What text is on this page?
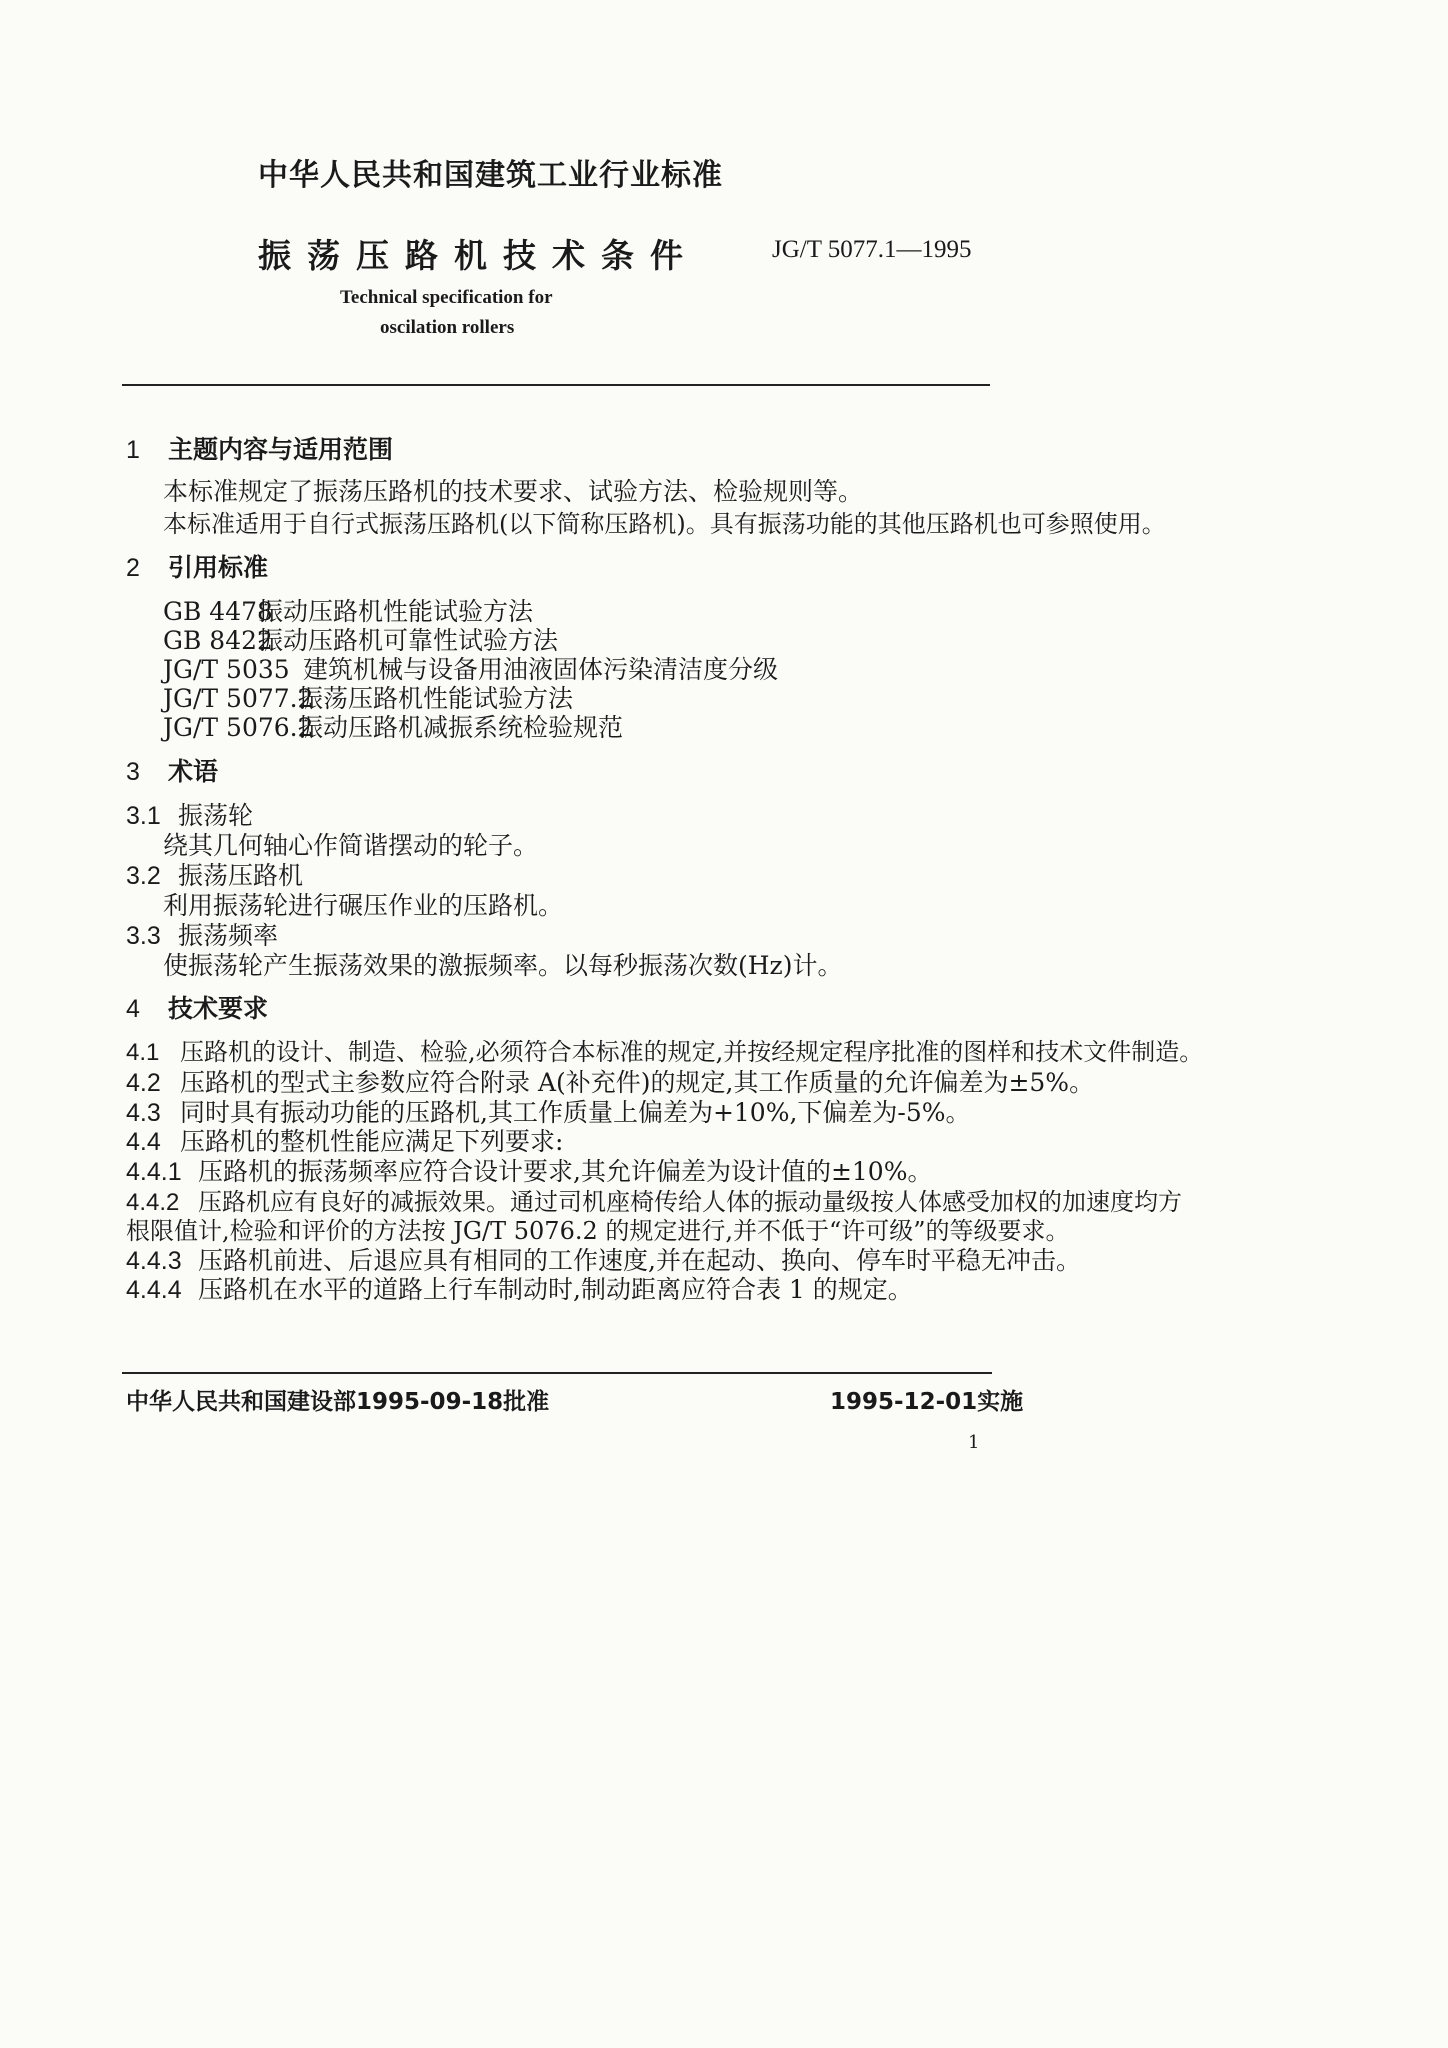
中华人民共和国建筑工业行业标准
振荡压路机技术条件	JG/T 5077.1—1995
Technical specification for
oscilation rollers
1 主题内容与适用范围
本标准规定了振荡压路机的技术要求、试验方法、检验规则等。
本标准适用于自行式振荡压路机(以下简称压路机)。具有振荡功能的其他压路机也可参照使用。
2 引用标准
GB 4478振动压路机性能试验方法
GB 8422振动压路机可靠性试验方法
JG/T 5035 建筑机械与设备用油液固体污染清洁度分级
JG/T 5077.2振荡压路机性能试验方法
JG/T 5076.2振动压路机减振系统检验规范
3 术语
3.1 振荡轮
绕其几何轴心作简谐摆动的轮子。
3.2 振荡压路机
利用振荡轮进行碾压作业的压路机。
3.3 振荡频率
使振荡轮产生振荡效果的激振频率。以每秒振荡次数(Hz)计。
4 技术要求
4.1 压路机的设计、制造、检验,必须符合本标准的规定,并按经规定程序批准的图样和技术文件制造。
4.2 压路机的型式主参数应符合附录 A(补充件)的规定,其工作质量的允许偏差为±5%。
4.3 同时具有振动功能的压路机,其工作质量上偏差为+10%,下偏差为-5%。
4.4 压路机的整机性能应满足下列要求:
4.4.1 压路机的振荡频率应符合设计要求,其允许偏差为设计值的±10%。
4.4.2 压路机应有良好的减振效果。通过司机座椅传给人体的振动量级按人体感受加权的加速度均方
根限值计,检验和评价的方法按 JG/T 5076.2 的规定进行,并不低于“许可级”的等级要求。
4.4.3 压路机前进、后退应具有相同的工作速度,并在起动、换向、停车时平稳无冲击。
4.4.4 压路机在水平的道路上行车制动时,制动距离应符合表 1 的规定。
中华人民共和国建设部1995-09-18批准	1995-12-01实施
1
